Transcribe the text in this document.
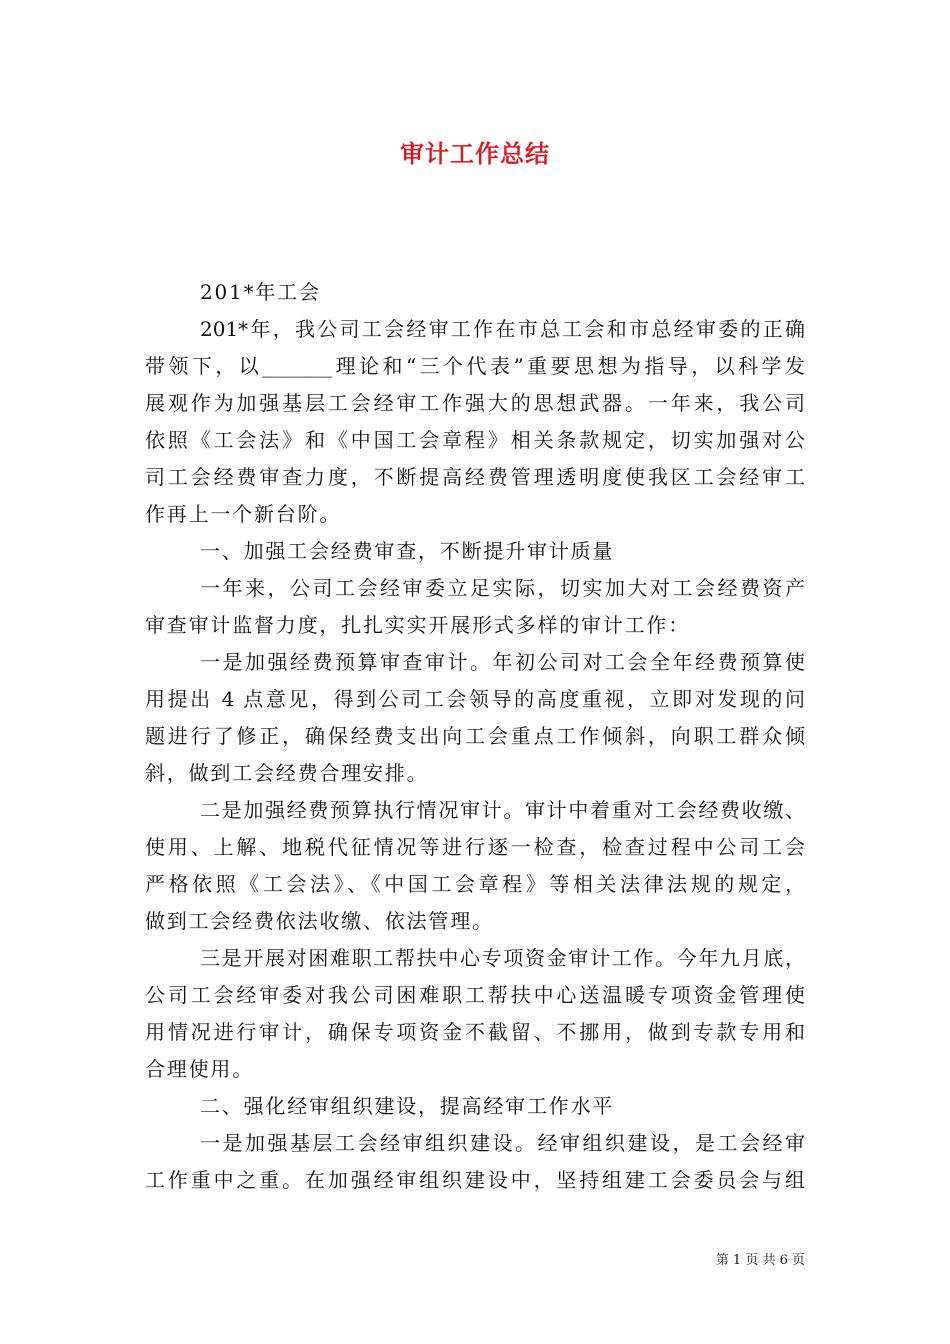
审计工作总结
201*年工会
201*年，我公司工会经审工作在市总工会和市总经审委的正确
带领下，以_______理论和“三个代表”重要思想为指导，以科学发
展观作为加强基层工会经审工作强大的思想武器。一年来，我公司
依照《工会法》和《中国工会章程》相关条款规定，切实加强对公
司工会经费审查力度，不断提高经费管理透明度使我区工会经审工
作再上一个新台阶。
一、加强工会经费审查，不断提升审计质量
一年来，公司工会经审委立足实际，切实加大对工会经费资产
审查审计监督力度，扎扎实实开展形式多样的审计工作：
一是加强经费预算审查审计。年初公司对工会全年经费预算使
用提出 4 点意见，得到公司工会领导的高度重视，立即对发现的问
题进行了修正，确保经费支出向工会重点工作倾斜，向职工群众倾
斜，做到工会经费合理安排。
二是加强经费预算执行情况审计。审计中着重对工会经费收缴、
使用、上解、地税代征情况等进行逐一检查，检查过程中公司工会
严格依照《工会法》、《中国工会章程》等相关法律法规的规定，
做到工会经费依法收缴、依法管理。
三是开展对困难职工帮扶中心专项资金审计工作。今年九月底，
公司工会经审委对我公司困难职工帮扶中心送温暖专项资金管理使
用情况进行审计，确保专项资金不截留、不挪用，做到专款专用和
合理使用。
二、强化经审组织建设，提高经审工作水平
一是加强基层工会经审组织建设。经审组织建设，是工会经审
工作重中之重。在加强经审组织建设中，坚持组建工会委员会与组
第 1 页 共 6 页
